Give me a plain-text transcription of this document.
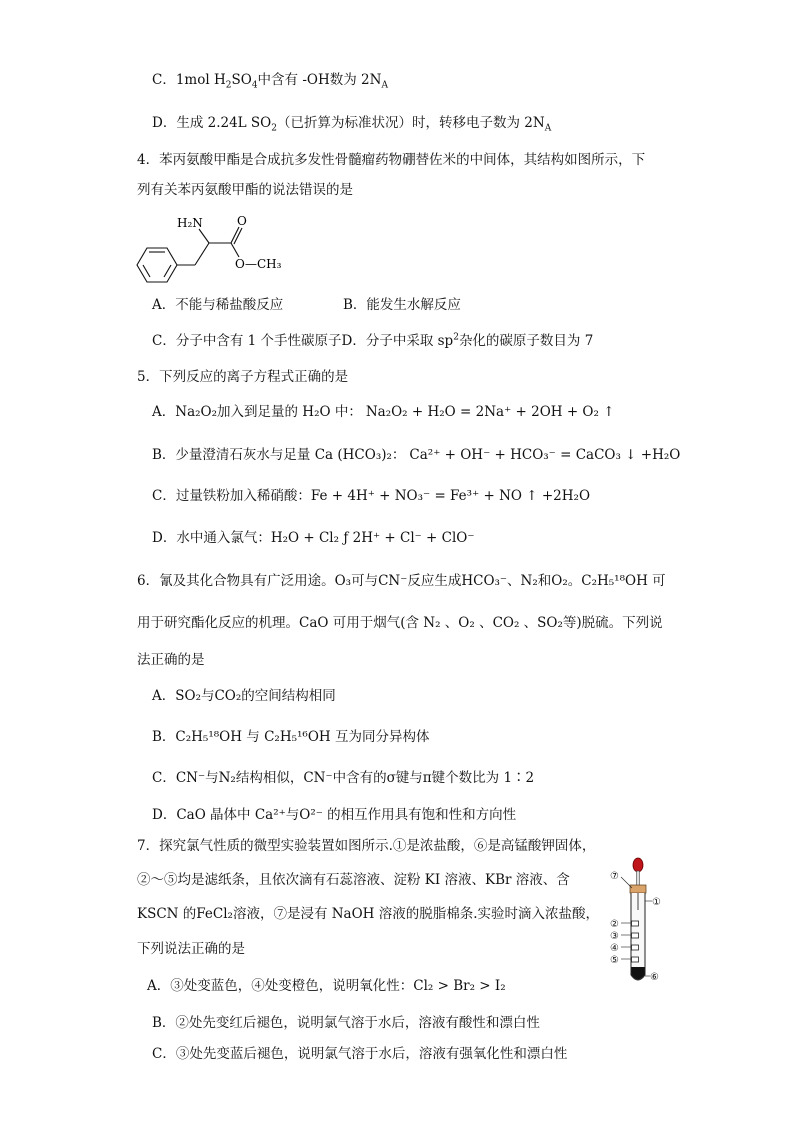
C．1mol $H_2SO_4$中含有 -OH数为 $2N_A$
D．生成 2.24L $SO_2$（已折算为标准状况）时，转移电子数为 $2N_A$
4．苯丙氨酸甲酯是合成抗多发性骨髓瘤药物硼替佐米的中间体，其结构如图所示，下
列有关苯丙氨酸甲酯的说法错误的是
H₂N	O
O —CH₃
A．不能与稀盐酸反应	B．能发生水解反应
C．分子中含有 1 个手性碳原子D．分子中采取 $sp^2$杂化的碳原子数目为 7
5．下列反应的离子方程式正确的是
A．Na₂O₂加入到足量的 H₂O 中： Na₂O₂ + H₂O = 2Na⁺ + 2OH + O₂ ↑
B．少量澄清石灰水与足量 Ca (HCO₃)₂： Ca²⁺ + OH⁻ + HCO₃⁻ = CaCO₃ ↓ +H₂O
C．过量铁粉加入稀硝酸：Fe + 4H⁺ + NO₃⁻ = Fe³⁺ + NO ↑ +2H₂O
D．水中通入氯气：H₂O + Cl₂ ƒ 2H⁺ + Cl⁻ + ClO⁻
6．氰及其化合物具有广泛用途。O₃可与CN⁻反应生成HCO₃⁻、N₂和O₂。C₂H₅¹⁸OH 可
用于研究酯化反应的机理。CaO 可用于烟气(含 N₂ 、O₂ 、CO₂ 、SO₂等)脱硫。下列说
法正确的是
A．SO₂与CO₂的空间结构相同
B．C₂H₅¹⁸OH 与 C₂H₅¹⁶OH 互为同分异构体
C．CN⁻与N₂结构相似，CN⁻中含有的σ键与π键个数比为 1∶2
D．CaO 晶体中 Ca²⁺与O²⁻ 的相互作用具有饱和性和方向性
7．探究氯气性质的微型实验装置如图所示.①是浓盐酸，⑥是高锰酸钾固体，
②～⑤均是滤纸条，且依次滴有石蕊溶液、淀粉 KI 溶液、KBr 溶液、含
KSCN 的FeCl₂溶液，⑦是浸有 NaOH 溶液的脱脂棉条.实验时滴入浓盐酸，
下列说法正确的是
A．③处变蓝色，④处变橙色，说明氧化性：Cl₂ > Br₂ > I₂
B．②处先变红后褪色，说明氯气溶于水后，溶液有酸性和漂白性
C．③处先变蓝后褪色，说明氯气溶于水后，溶液有强氧化性和漂白性
⑦
①
②
③
④
⑤
⑥
